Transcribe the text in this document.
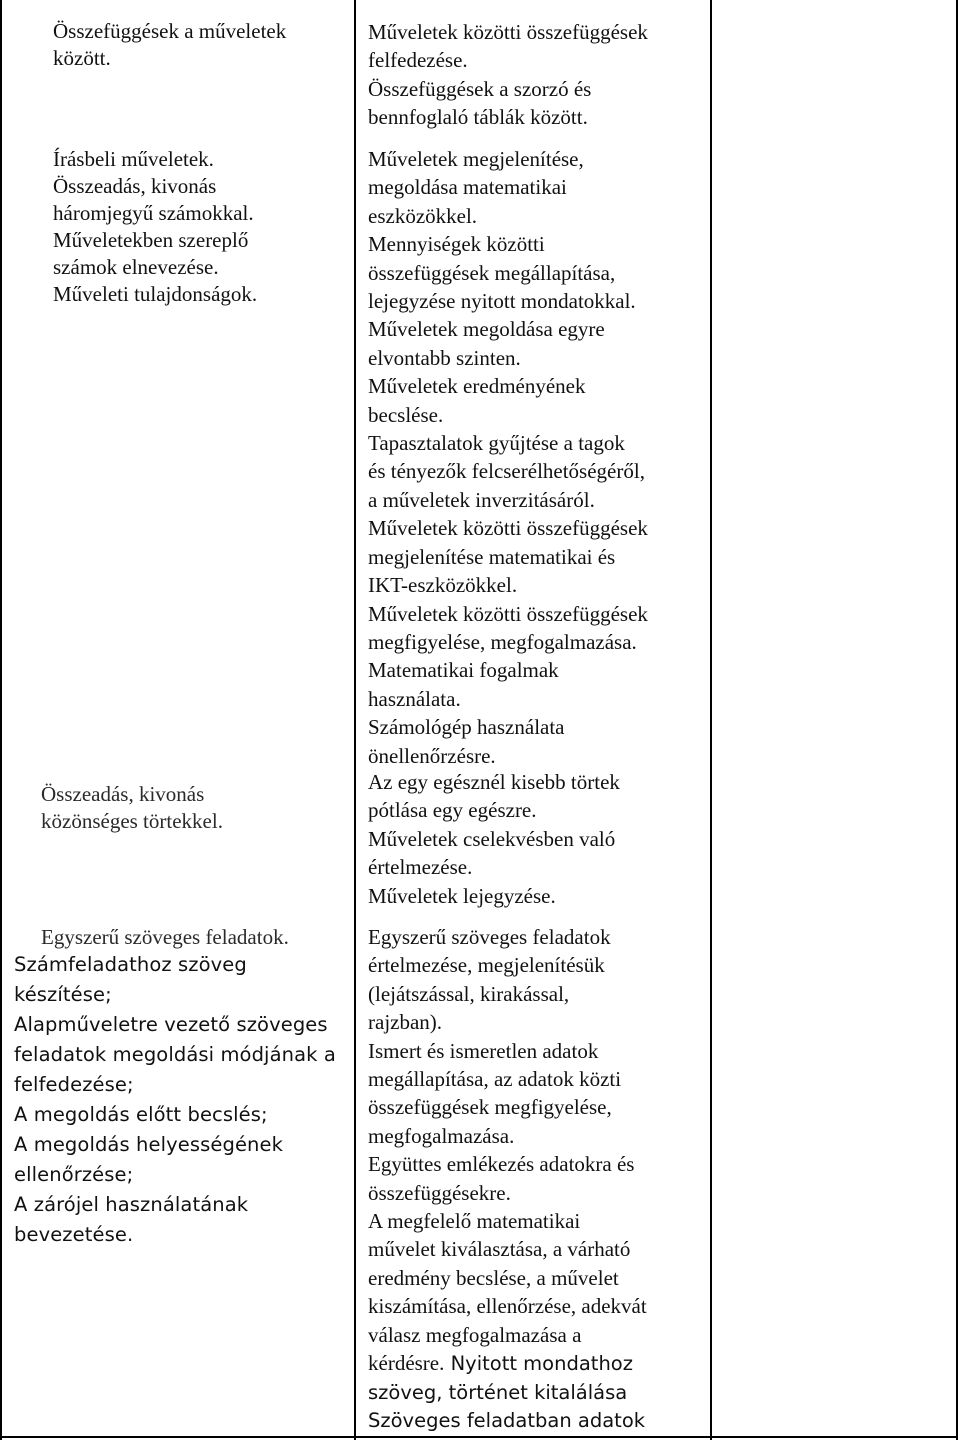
Összefüggések a műveletek
között.
Írásbeli műveletek.
Összeadás, kivonás
háromjegyű számokkal.
Műveletekben szereplő
számok elnevezése.
Műveleti tulajdonságok.
Összeadás, kivonás
közönséges törtekkel.
Egyszerű szöveges feladatok.
Számfeladathoz szöveg
készítése;
Alapműveletre vezető szöveges
feladatok megoldási módjának a
felfedezése;
A megoldás előtt becslés;
A megoldás helyességének
ellenőrzése;
A zárójel használatának
bevezetése.
Műveletek közötti összefüggések
felfedezése.
Összefüggések a szorzó és
bennfoglaló táblák között.
Műveletek megjelenítése,
megoldása matematikai
eszközökkel.
Mennyiségek közötti
összefüggések megállapítása,
lejegyzése nyitott mondatokkal.
Műveletek megoldása egyre
elvontabb szinten.
Műveletek eredményének
becslése.
Tapasztalatok gyűjtése a tagok
és tényezők felcserélhetőségéről,
a műveletek inverzitásáról.
Műveletek közötti összefüggések
megjelenítése matematikai és
IKT-eszközökkel.
Műveletek közötti összefüggések
megfigyelése, megfogalmazása.
Matematikai fogalmak
használata.
Számológép használata
önellenőrzésre.
Az egy egésznél kisebb törtek
pótlása egy egészre.
Műveletek cselekvésben való
értelmezése.
Műveletek lejegyzése.
Egyszerű szöveges feladatok
értelmezése, megjelenítésük
(lejátszással, kirakással,
rajzban).
Ismert és ismeretlen adatok
megállapítása, az adatok közti
összefüggések megfigyelése,
megfogalmazása.
Együttes emlékezés adatokra és
összefüggésekre.
A megfelelő matematikai
művelet kiválasztása, a várható
eredmény becslése, a művelet
kiszámítása, ellenőrzése, adekvát
válasz megfogalmazása a
kérdésre. Nyitott mondathoz
szöveg, történet kitalálása
Szöveges feladatban adatok
